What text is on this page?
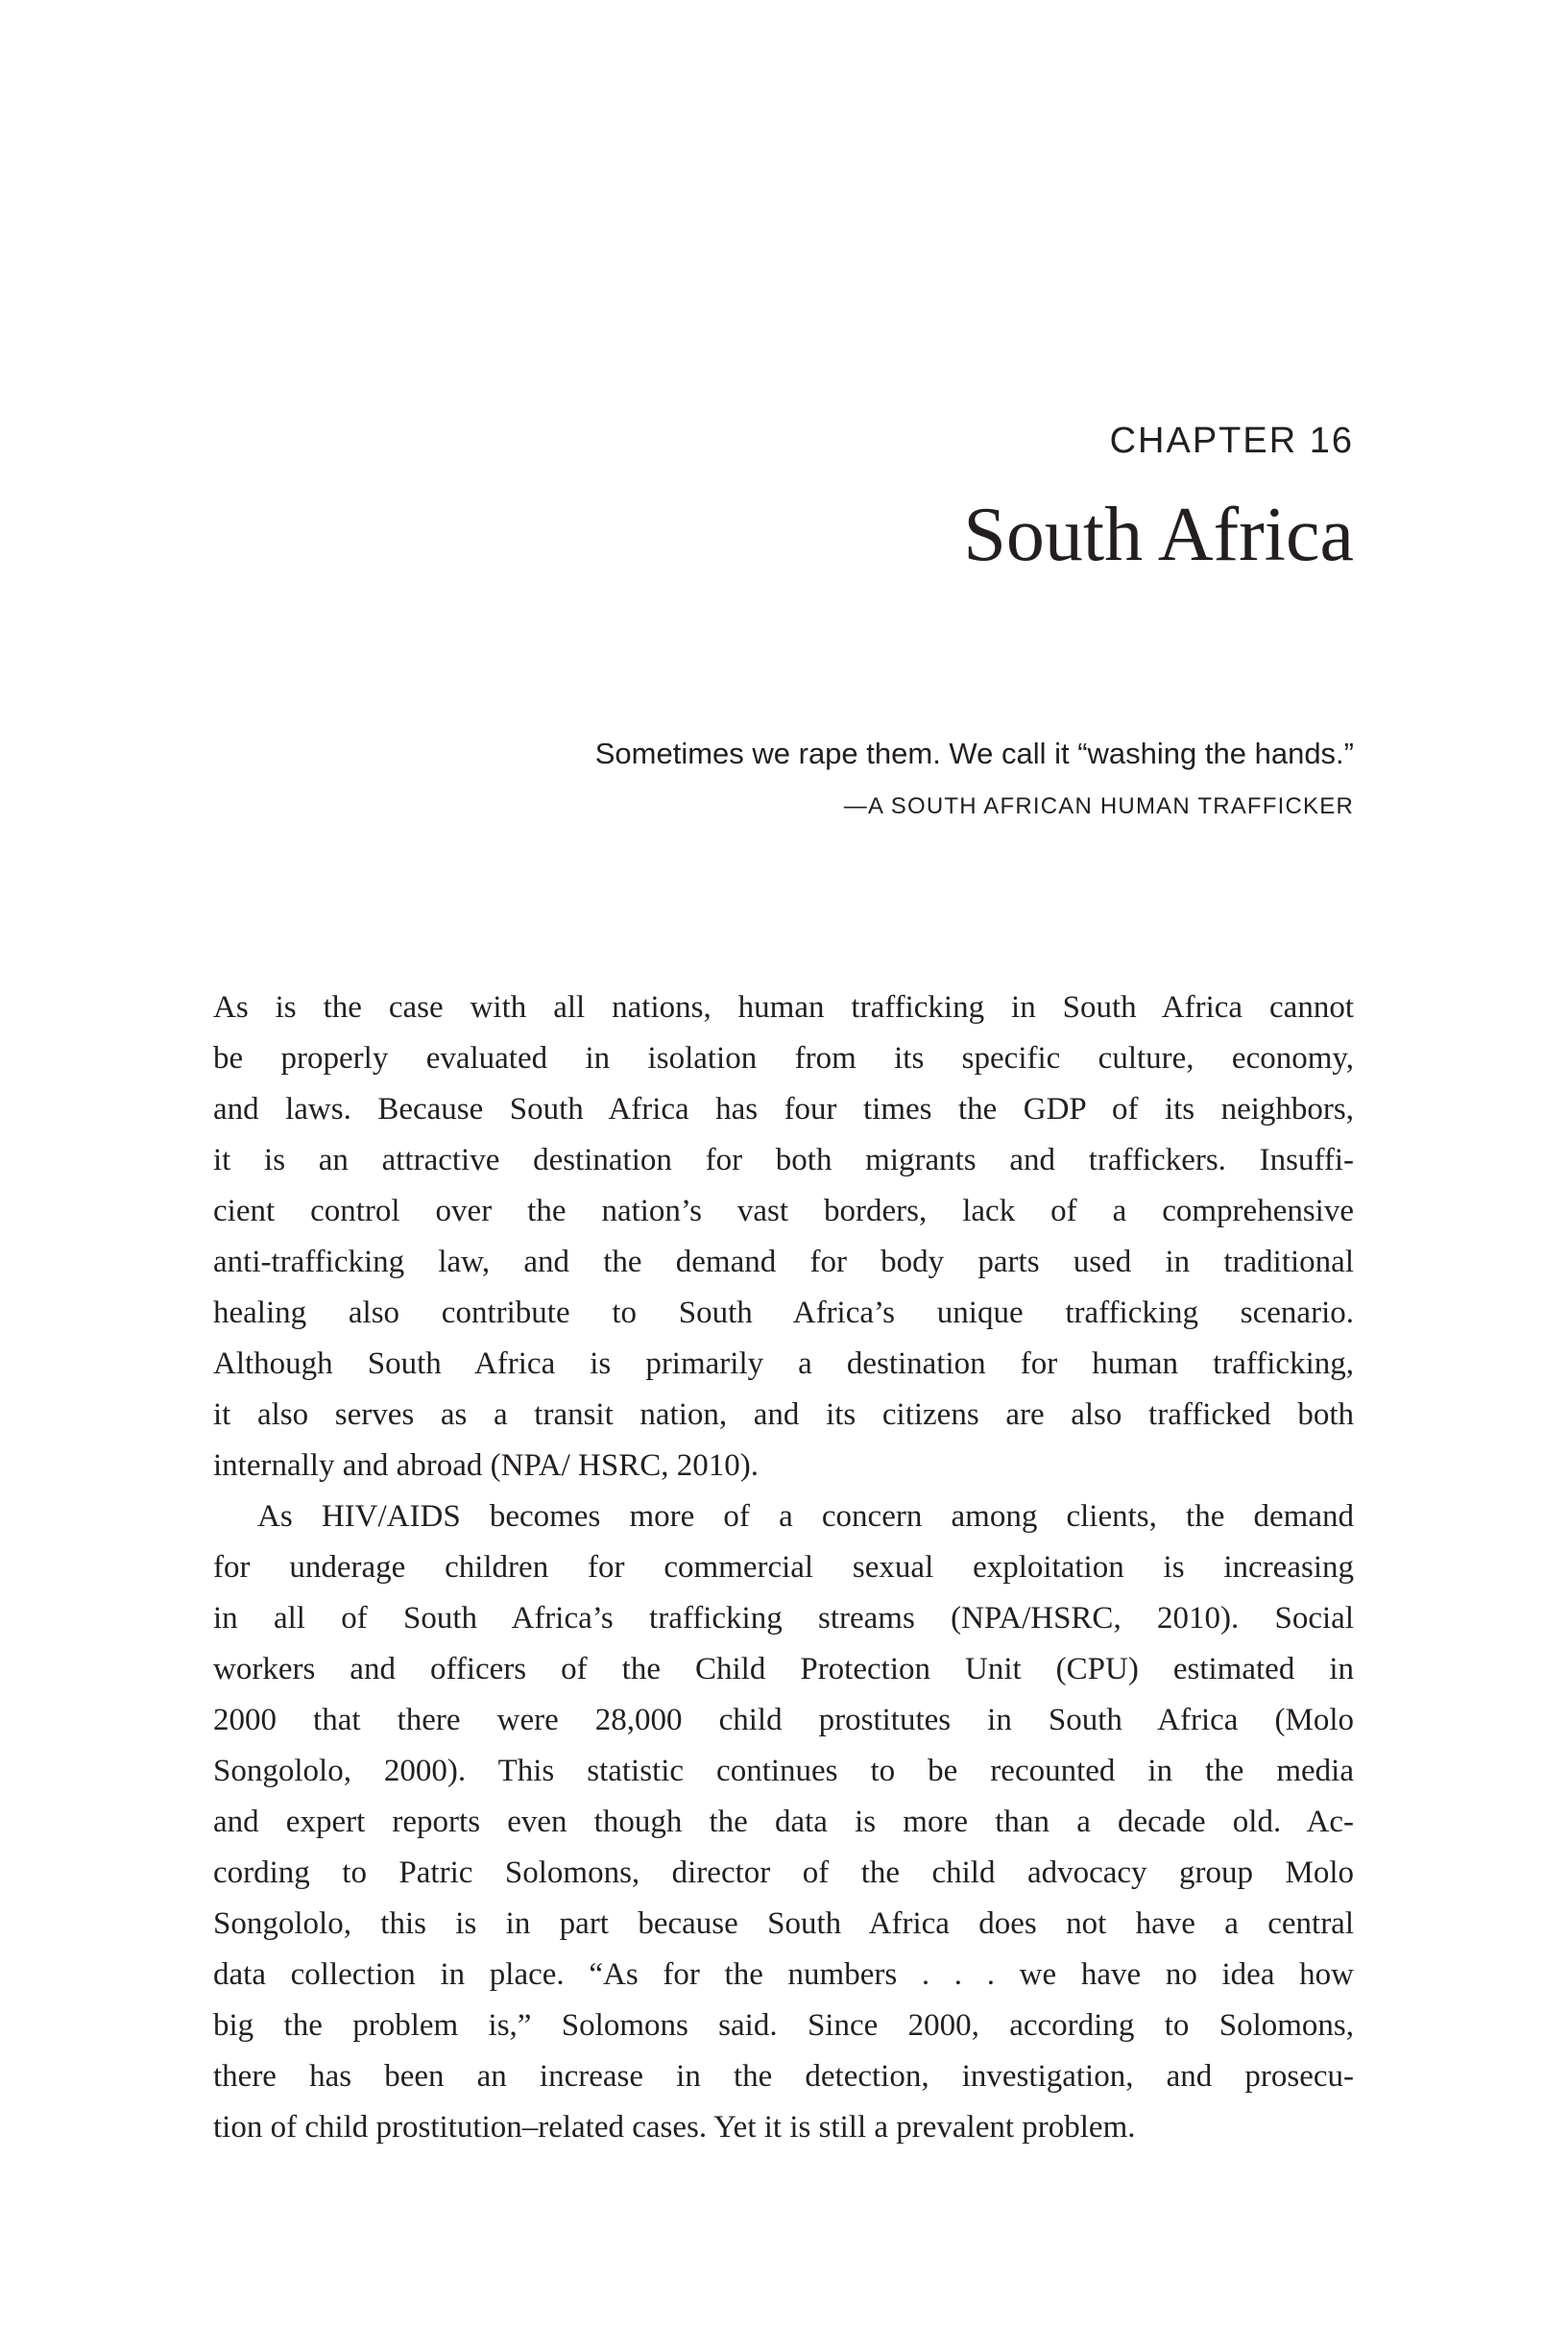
CHAPTER 16
South Africa
Sometimes we rape them. We call it “washing the hands.”
—A SOUTH AFRICAN HUMAN TRAFFICKER
As is the case with all nations, human trafficking in South Africa cannot
be properly evaluated in isolation from its specific culture, economy,
and laws. Because South Africa has four times the GDP of its neighbors,
it is an attractive destination for both migrants and traffickers. Insuffi-
cient control over the nation’s vast borders, lack of a comprehensive
anti-trafficking law, and the demand for body parts used in traditional
healing also contribute to South Africa’s unique trafficking scenario.
Although South Africa is primarily a destination for human trafficking,
it also serves as a transit nation, and its citizens are also trafficked both
internally and abroad (NPA/ HSRC, 2010).
As HIV/AIDS becomes more of a concern among clients, the demand
for underage children for commercial sexual exploitation is increasing
in all of South Africa’s trafficking streams (NPA/HSRC, 2010). Social
workers and officers of the Child Protection Unit (CPU) estimated in
2000 that there were 28,000 child prostitutes in South Africa (Molo
Songololo, 2000). This statistic continues to be recounted in the media
and expert reports even though the data is more than a decade old. Ac-
cording to Patric Solomons, director of the child advocacy group Molo
Songololo, this is in part because South Africa does not have a central
data collection in place. “As for the numbers . . . we have no idea how
big the problem is,” Solomons said. Since 2000, according to Solomons,
there has been an increase in the detection, investigation, and prosecu-
tion of child prostitution–related cases. Yet it is still a prevalent problem.
